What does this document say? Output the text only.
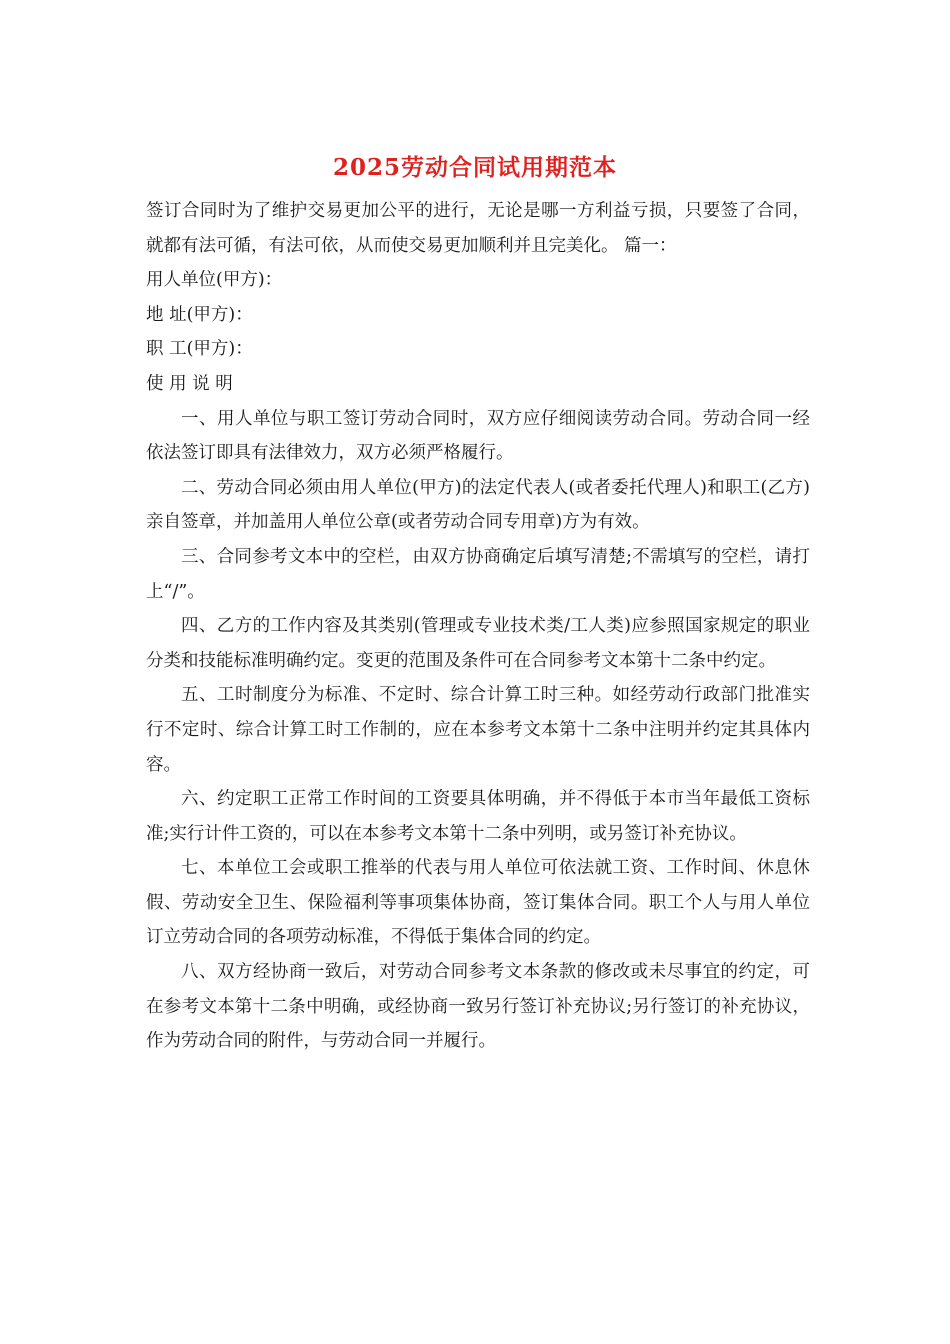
2025劳动合同试用期范本

签订合同时为了维护交易更加公平的进行，无论是哪一方利益亏损，只要签了合同，就都有法可循，有法可依，从而使交易更加顺利并且完美化。 篇一：

用人单位(甲方)：

地 址(甲方)：

职 工(甲方)：

使 用 说 明

一、用人单位与职工签订劳动合同时，双方应仔细阅读劳动合同。劳动合同一经依法签订即具有法律效力，双方必须严格履行。

二、劳动合同必须由用人单位(甲方)的法定代表人(或者委托代理人)和职工(乙方)亲自签章，并加盖用人单位公章(或者劳动合同专用章)方为有效。

三、合同参考文本中的空栏，由双方协商确定后填写清楚;不需填写的空栏，请打上“/”。

四、乙方的工作内容及其类别(管理或专业技术类/工人类)应参照国家规定的职业分类和技能标准明确约定。变更的范围及条件可在合同参考文本第十二条中约定。

五、工时制度分为标准、不定时、综合计算工时三种。如经劳动行政部门批准实行不定时、综合计算工时工作制的，应在本参考文本第十二条中注明并约定其具体内容。

六、约定职工正常工作时间的工资要具体明确，并不得低于本市当年最低工资标准;实行计件工资的，可以在本参考文本第十二条中列明，或另签订补充协议。

七、本单位工会或职工推举的代表与用人单位可依法就工资、工作时间、休息休假、劳动安全卫生、保险福利等事项集体协商，签订集体合同。职工个人与用人单位订立劳动合同的各项劳动标准，不得低于集体合同的约定。

八、双方经协商一致后，对劳动合同参考文本条款的修改或未尽事宜的约定，可在参考文本第十二条中明确，或经协商一致另行签订补充协议;另行签订的补充协议，作为劳动合同的附件，与劳动合同一并履行。
